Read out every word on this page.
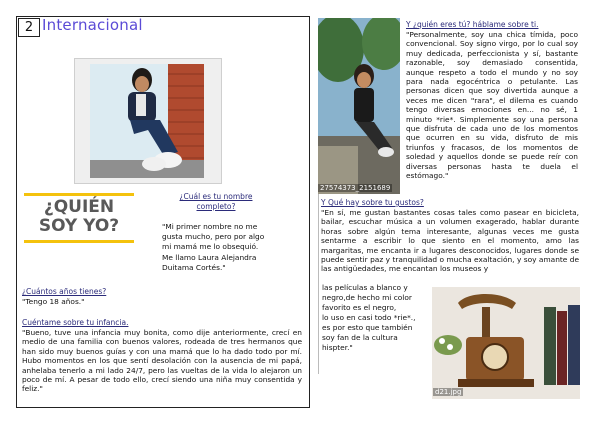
2 Internacional
¿QUIÉN SOY YO?
¿Cuál es tu nombre completo?
"Mi primer nombre no me gusta mucho, pero por algo mi mamá me lo obsequió. Me llamo Laura Alejandra Duitama Cortés."
¿Cuántos años tienes?
"Tengo 18 años."
Cuéntame sobre tu infancia.
"Bueno, tuve una infancia muy bonita, como dije anteriormente, crecí en medio de una familia con buenos valores, rodeada de tres hermanos que han sido muy buenos guías y con una mamá que lo ha dado todo por mí. Hubo momentos en los que sentí desolación con la ausencia de mi papá, anhelaba tenerlo a mi lado 24/7, pero las vueltas de la vida lo alejaron un poco de mí. A pesar de todo ello, crecí siendo una niña muy consentida y feliz."
27574373_2151689
Y ¿quién eres tú? háblame sobre ti.
"Personalmente, soy una chica tímida, poco convencional. Soy signo virgo, por lo cual soy muy dedicada, perfeccionista y sí, bastante razonable, soy demasiado consentida, aunque respeto a todo el mundo y no soy para nada egocéntrica o petulante. Las personas dicen que soy divertida aunque a veces me dicen "rara", el dilema es cuando tengo diversas emociones en... no sé, 1 minuto *rie*. Simplemente soy una persona que disfruta de cada uno de los momentos que ocurren en su vida, disfruto de mis triunfos y fracasos, de los momentos de soledad y aquellos donde se puede reír con diversas personas hasta te duela el estómago."
Y Qué hay sobre tu gustos?
"En sí, me gustan bastantes cosas tales como pasear en bicicleta, bailar, escuchar música a un volumen exagerado, hablar durante horas sobre algún tema interesante, algunas veces me gusta sentarme a escribir lo que siento en el momento, amo las margaritas, me encanta ir a lugares desconocidos, lugares donde se puede sentir paz y tranquilidad o mucha exaltación, y soy amante de las antigüedades, me encantan los museos y
las películas a blanco y
negro,de hecho mi color
favorito es el negro,
lo uso en casi todo *rie*.,
es por esto que también
soy fan de la cultura
hispter."
d21.jpg
